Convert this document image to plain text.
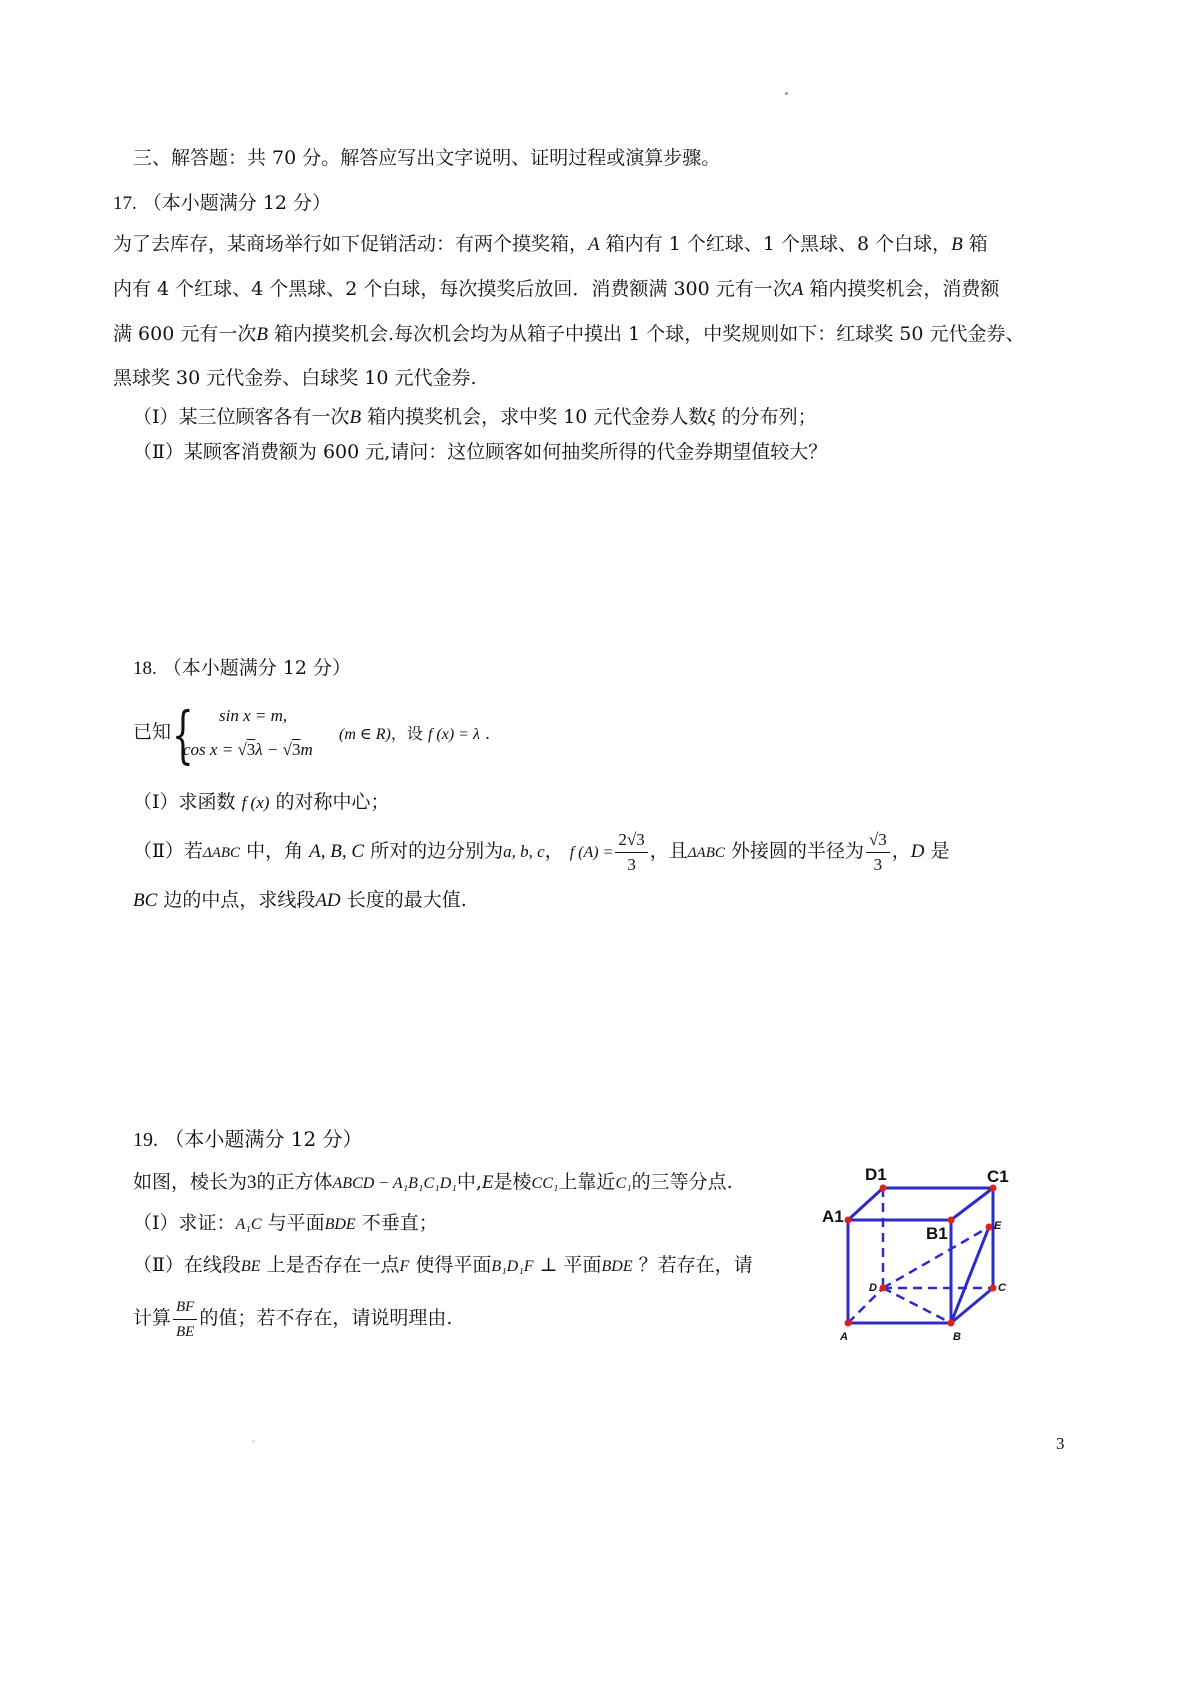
三、解答题：共 70 分。解答应写出文字说明、证明过程或演算步骤。
17. （本小题满分 12 分）
为了去库存，某商场举行如下促销活动：有两个摸奖箱，A 箱内有 1 个红球、1 个黑球、8 个白球，B 箱
内有 4 个红球、4 个黑球、2 个白球，每次摸奖后放回．消费额满 300 元有一次A 箱内摸奖机会，消费额
满 600 元有一次B 箱内摸奖机会.每次机会均为从箱子中摸出 1 个球，中奖规则如下：红球奖 50 元代金券、
黑球奖 30 元代金券、白球奖 10 元代金券.
（Ⅰ）某三位顾客各有一次B 箱内摸奖机会，求中奖 10 元代金券人数ξ 的分布列；
（Ⅱ）某顾客消费额为 600 元,请问：这位顾客如何抽奖所得的代金券期望值较大？
18. （本小题满分 12 分）
已知 { sin x = m,
cos x = √3λ − √3m
(m ∈ R)，设 f (x) = λ .
（Ⅰ）求函数 f (x) 的对称中心；
（Ⅱ）若ΔABC 中，角 A, B, C 所对的边分别为a, b, c， f $(A) = \frac{2√3}{3}$ ，且ΔABC 外接圆的半径为 $\frac{√3}{3}$ ，D 是
BC 边的中点，求线段AD 长度的最大值.
19. （本小题满分 12 分）
如图，棱长为3的正方体ABCD − A₁B₁C₁D₁中,E是棱CC₁上靠近C₁的三等分点.
（Ⅰ）求证：A₁C 与平面BDE 不垂直；
（Ⅱ）在线段BE 上是否存在一点F 使得平面B₁D₁F ⊥ 平面BDE ？若存在，请
计算 $\frac{BF}{BE}$ 的值；若不存在，请说明理由.
D1	C1
A1
B1	E
D	C
A	B
3
